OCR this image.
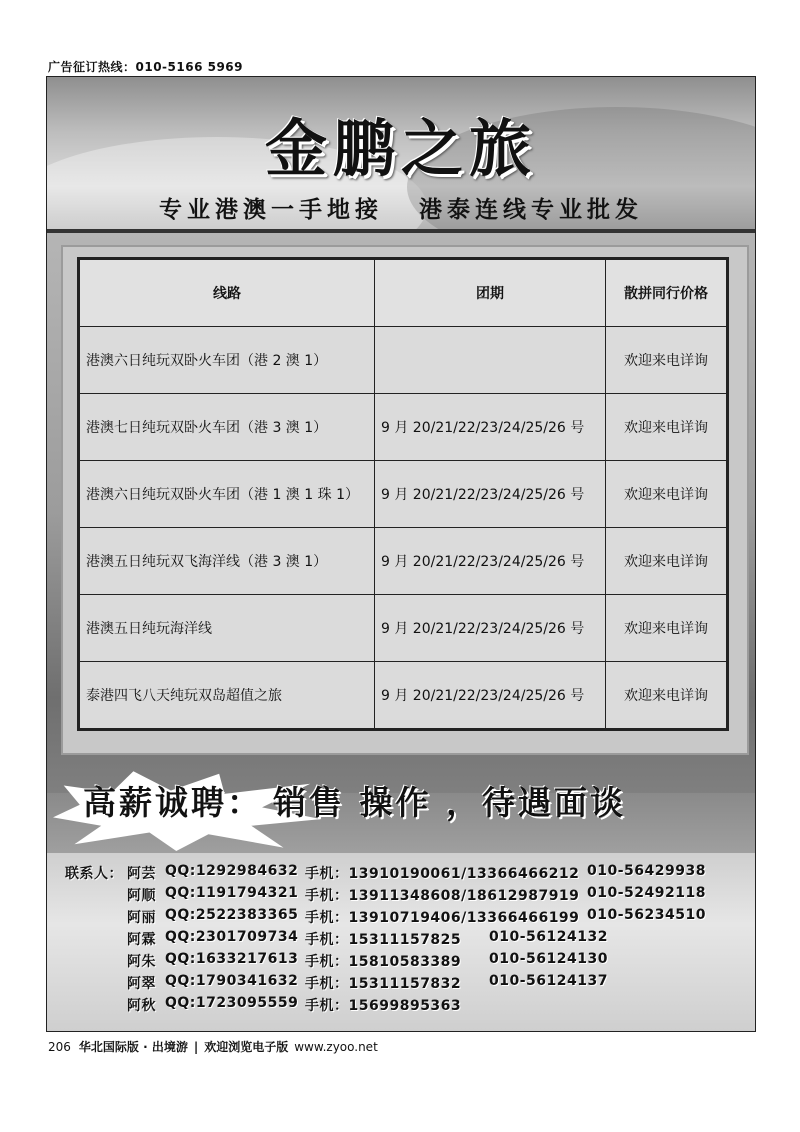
广告征订热线：010-5166 5969
金鹏之旅
专业港澳一手地接 港泰连线专业批发
线路	团期	散拼同行价格
港澳六日纯玩双卧火车团（港 2 澳 1）		欢迎来电详询
港澳七日纯玩双卧火车团（港 3 澳 1）	9 月 20/21/22/23/24/25/26 号	欢迎来电详询
港澳六日纯玩双卧火车团（港 1 澳 1 珠 1）	9 月 20/21/22/23/24/25/26 号	欢迎来电详询
港澳五日纯玩双飞海洋线（港 3 澳 1）	9 月 20/21/22/23/24/25/26 号	欢迎来电详询
港澳五日纯玩海洋线	9 月 20/21/22/23/24/25/26 号	欢迎来电详询
泰港四飞八天纯玩双岛超值之旅	9 月 20/21/22/23/24/25/26 号	欢迎来电详询
高薪诚聘： 销售 操作 ，待遇面谈
联系人： 阿芸 QQ:1292984632 手机：13910190061/13366466212 010-56429938
阿顺 QQ:1191794321 手机：13911348608/18612987919 010-52492118
阿丽 QQ:2522383365 手机：13910719406/13366466199 010-56234510
阿霖 QQ:2301709734 手机：15311157825 010-56124132
阿朱 QQ:1633217613 手机：15810583389 010-56124130
阿翠 QQ:1790341632 手机：15311157832 010-56124137
阿秋 QQ:1723095559 手机：15699895363
206 华北国际版 · 出境游 | 欢迎浏览电子版 www.zyoo.net
